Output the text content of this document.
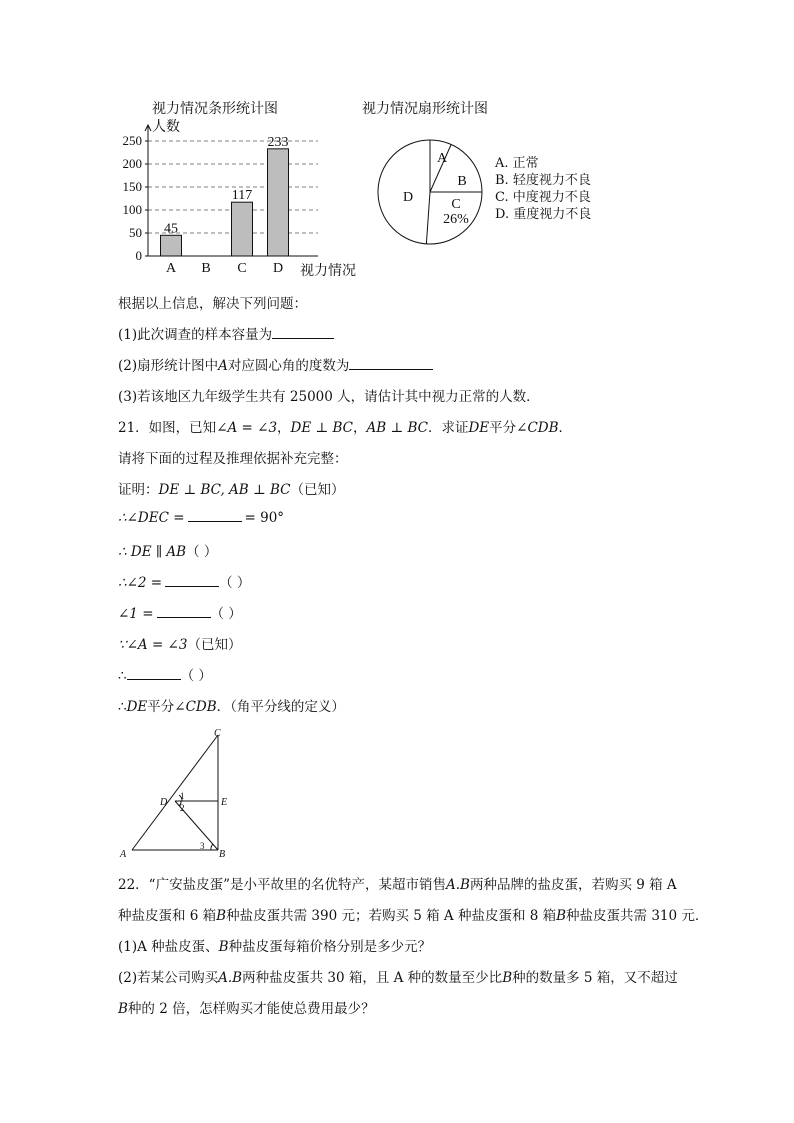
视力情况条形统计图
0
50
100
150
200
250
人数
视力情况
45
A B
117
C
233
D
视力情况扇形统计图
A
B
C
26%
D
A. 正常
B. 轻度视力不良
C. 中度视力不良
D. 重度视力不良
根据以上信息，解决下列问题：
(1)此次调查的样本容量为
(2)扇形统计图中A对应圆心角的度数为
(3)若该地区九年级学生共有 25000 人，请估计其中视力正常的人数．
21．如图，已知∠A = ∠3，DE ⊥ BC，AB ⊥ BC．求证DE平分∠CDB．
请将下面的过程及推理依据补充完整：
证明：DE ⊥ BC, AB ⊥ BC（已知）
∴∠DEC =	= 90°
∴ DE ∥ AB（ ）
∴∠2 =	（ ）
∠1 =	（ ）
∵∠A = ∠3（已知）
∴	（ ）
∴DE平分∠CDB．（角平分线的定义）
C
D	E
A	B
1
2
3
22．“广安盐皮蛋”是小平故里的名优特产，某超市销售A.B两种品牌的盐皮蛋，若购买 9 箱 A
种盐皮蛋和 6 箱B种盐皮蛋共需 390 元；若购买 5 箱 A 种盐皮蛋和 8 箱B种盐皮蛋共需 310 元．
(1)A 种盐皮蛋、B种盐皮蛋每箱价格分别是多少元？
(2)若某公司购买A.B两种盐皮蛋共 30 箱，且 A 种的数量至少比B种的数量多 5 箱，又不超过
B种的 2 倍，怎样购买才能使总费用最少？
